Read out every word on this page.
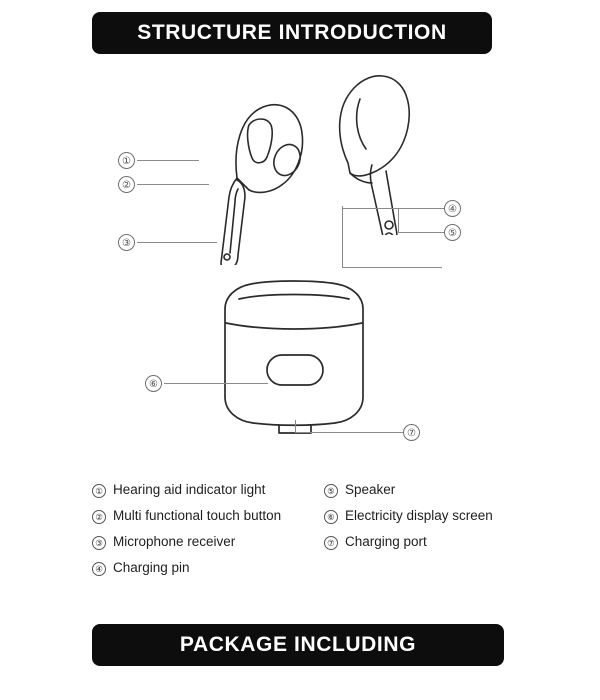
STRUCTURE INTRODUCTION
①
②
③
④
⑤
⑥
⑦
① Hearing aid indicator light
② Multi functional touch button
③ Microphone receiver
④ Charging pin
⑤ Speaker
⑥ Electricity display screen
⑦ Charging port
PACKAGE INCLUDING
